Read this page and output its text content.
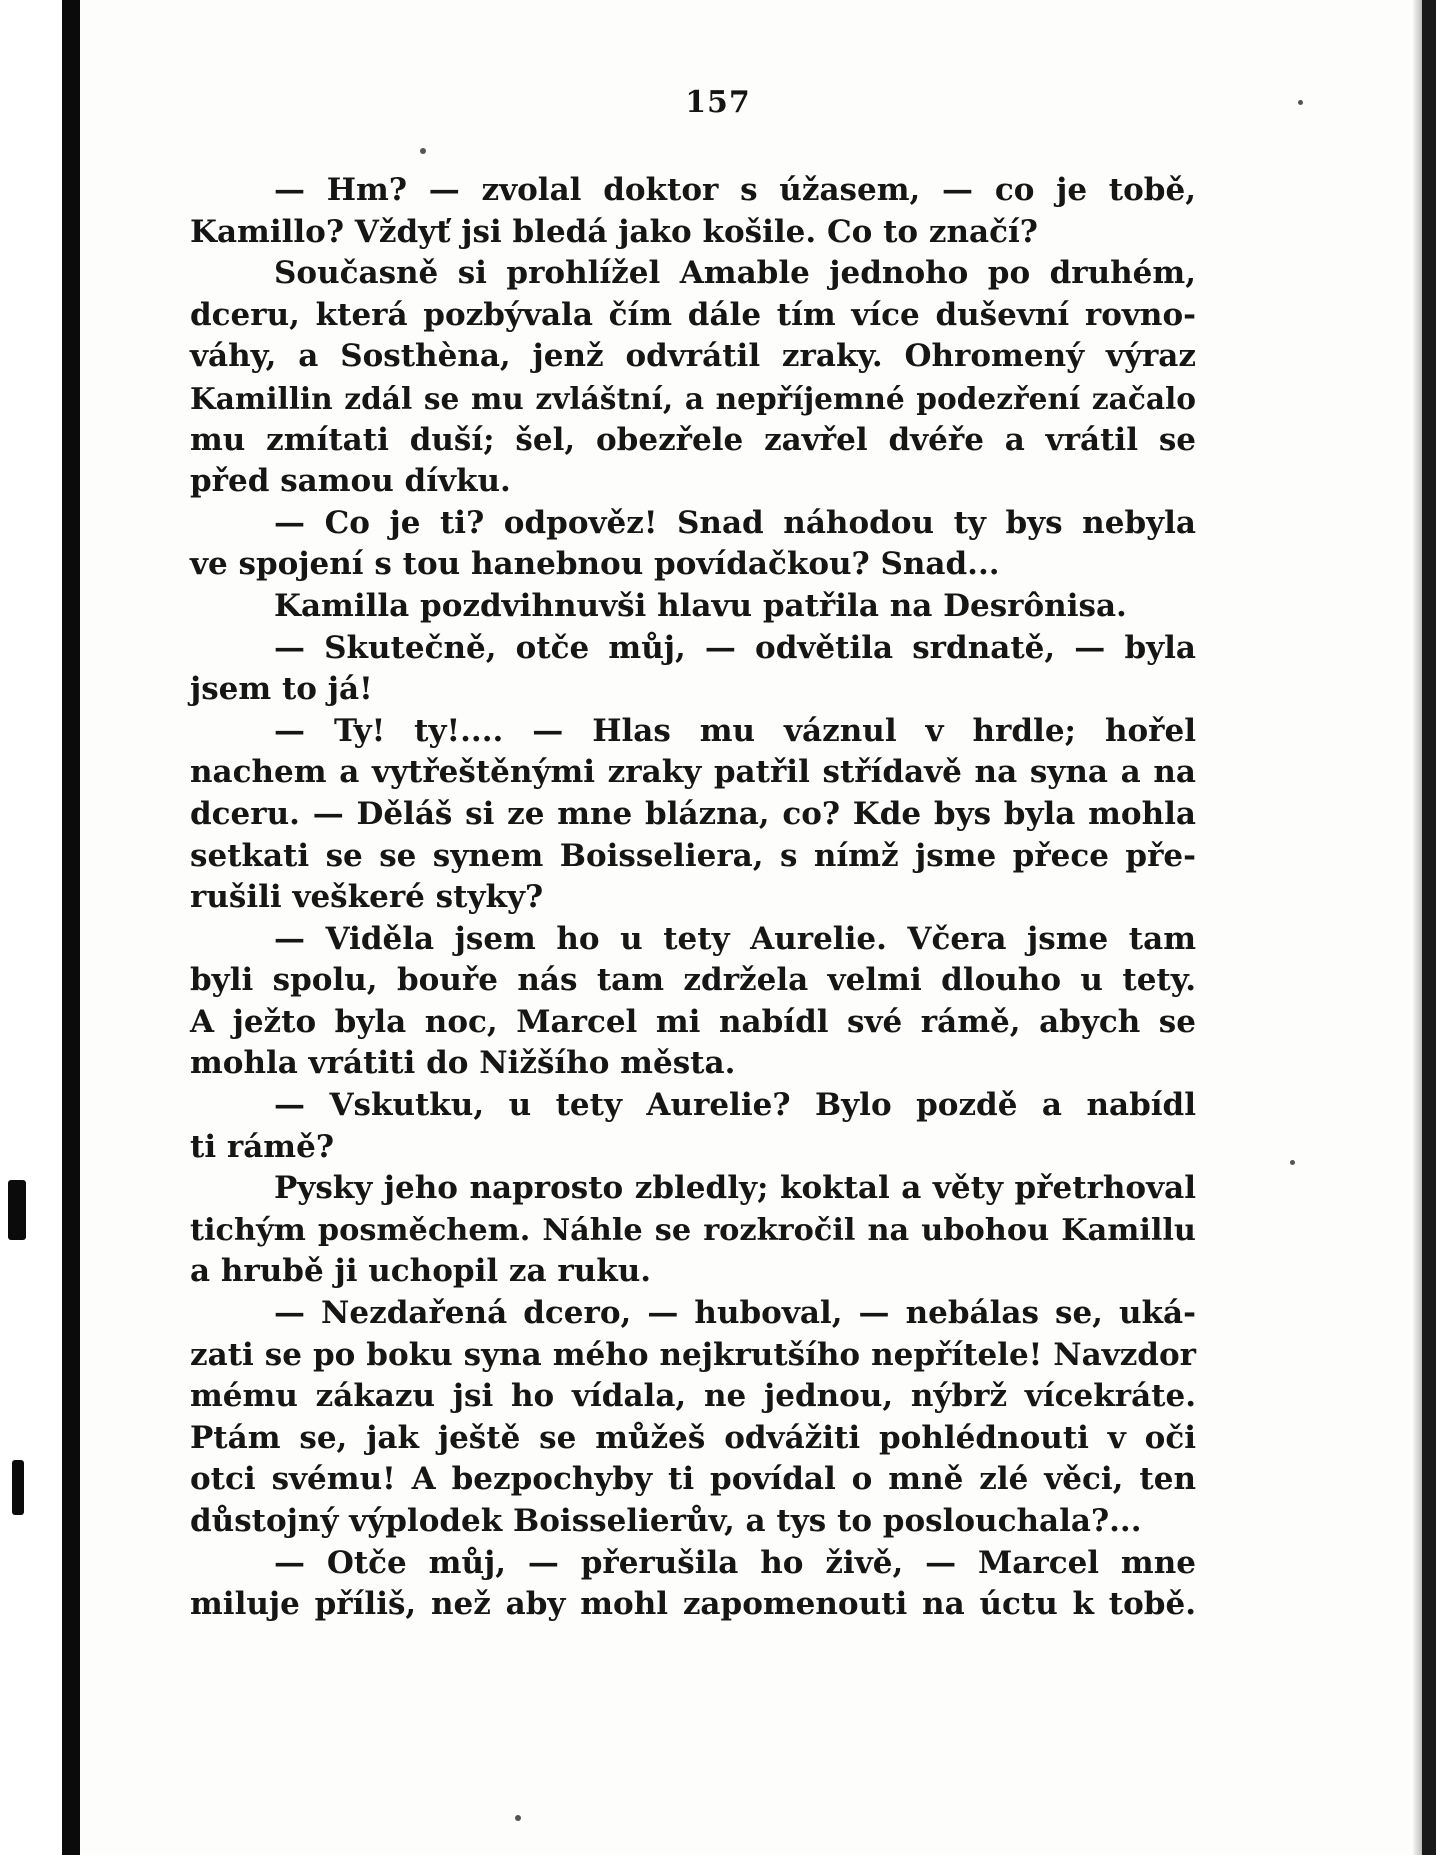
157
— Hm? — zvolal doktor s úžasem, — co je tobě,
Kamillo? Vždyť jsi bledá jako košile. Co to značí?
Současně si prohlížel Amable jednoho po druhém,
dceru, která pozbývala čím dále tím více duševní rovno-
váhy, a Sosthèna, jenž odvrátil zraky. Ohromený výraz
Kamillin zdál se mu zvláštní, a nepříjemné podezření začalo
mu zmítati duší; šel, obezřele zavřel dvéře a vrátil se
před samou dívku.
— Co je ti? odpověz! Snad náhodou ty bys nebyla
ve spojení s tou hanebnou povídačkou? Snad...
Kamilla pozdvihnuvši hlavu patřila na Desrônisa.
— Skutečně, otče můj, — odvětila srdnatě, — byla
jsem to já!
— Ty! ty!.... — Hlas mu váznul v hrdle; hořel
nachem a vytřeštěnými zraky patřil střídavě na syna a na
dceru. — Děláš si ze mne blázna, co? Kde bys byla mohla
setkati se se synem Boisseliera, s nímž jsme přece pře-
rušili veškeré styky?
— Viděla jsem ho u tety Aurelie. Včera jsme tam
byli spolu, bouře nás tam zdržela velmi dlouho u tety.
A ježto byla noc, Marcel mi nabídl své rámě, abych se
mohla vrátiti do Nižšího města.
— Vskutku, u tety Aurelie? Bylo pozdě a nabídl
ti rámě?
Pysky jeho naprosto zbledly; koktal a věty přetrhoval
tichým posměchem. Náhle se rozkročil na ubohou Kamillu
a hrubě ji uchopil za ruku.
— Nezdařená dcero, — huboval, — nebálas se, uká-
zati se po boku syna mého nejkrutšího nepřítele! Navzdor
mému zákazu jsi ho vídala, ne jednou, nýbrž vícekráte.
Ptám se, jak ještě se můžeš odvážiti pohlédnouti v oči
otci svému! A bezpochyby ti povídal o mně zlé věci, ten
důstojný výplodek Boisselierův, a tys to poslouchala?...
— Otče můj, — přerušila ho živě, — Marcel mne
miluje příliš, než aby mohl zapomenouti na úctu k tobě.
